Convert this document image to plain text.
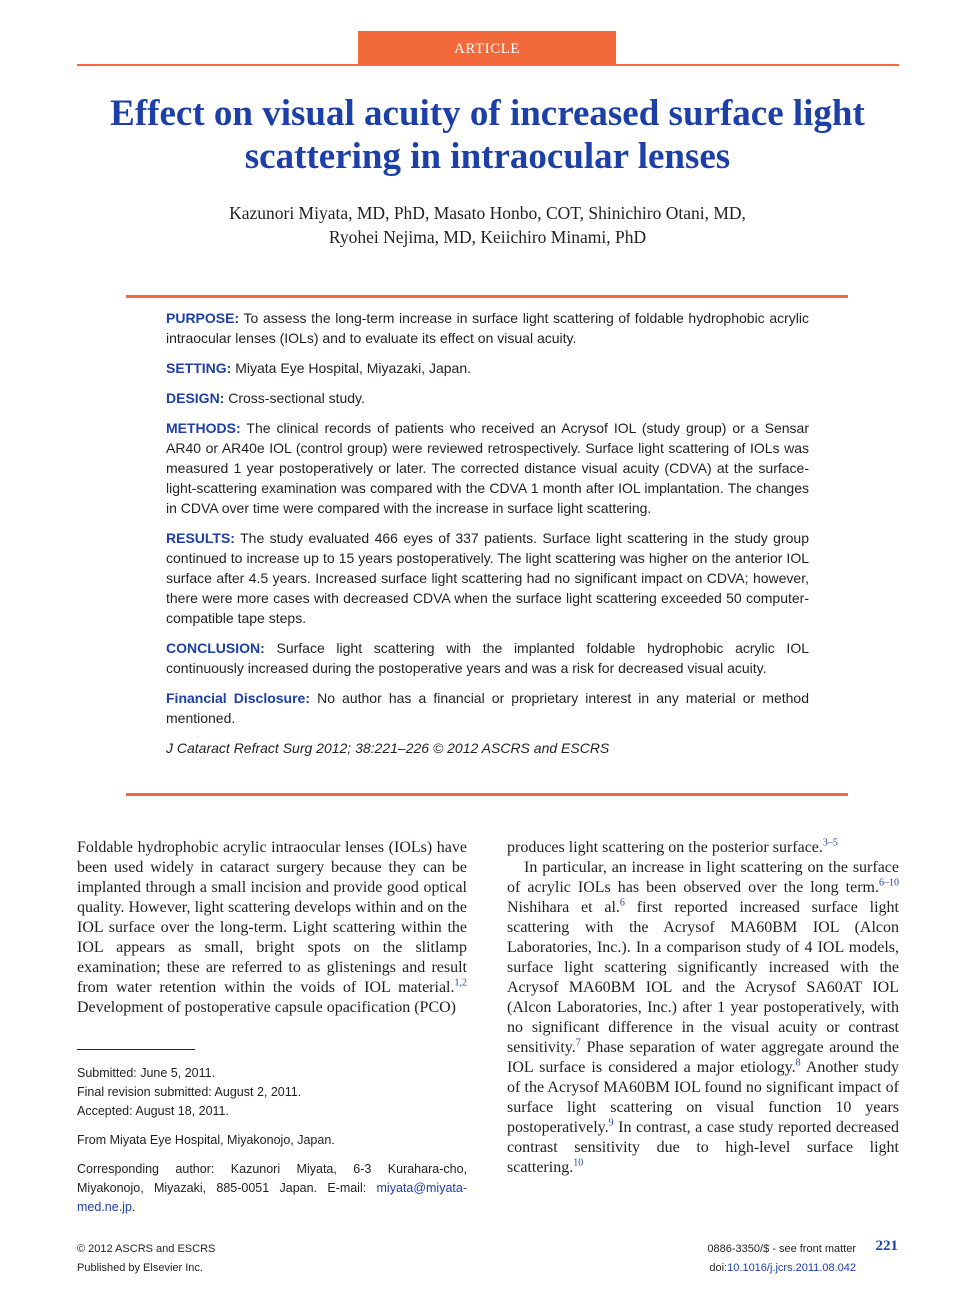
ARTICLE
Effect on visual acuity of increased surface light scattering in intraocular lenses
Kazunori Miyata, MD, PhD, Masato Honbo, COT, Shinichiro Otani, MD,
Ryohei Nejima, MD, Keiichiro Minami, PhD

PURPOSE: To assess the long-term increase in surface light scattering of foldable hydrophobic acrylic intraocular lenses (IOLs) and to evaluate its effect on visual acuity.

SETTING: Miyata Eye Hospital, Miyazaki, Japan.

DESIGN: Cross-sectional study.

METHODS: The clinical records of patients who received an Acrysof IOL (study group) or a Sensar AR40 or AR40e IOL (control group) were reviewed retrospectively. Surface light scattering of IOLs was measured 1 year postoperatively or later. The corrected distance visual acuity (CDVA) at the surface-light-scattering examination was compared with the CDVA 1 month after IOL implantation. The changes in CDVA over time were compared with the increase in surface light scattering.

RESULTS: The study evaluated 466 eyes of 337 patients. Surface light scattering in the study group continued to increase up to 15 years postoperatively. The light scattering was higher on the anterior IOL surface after 4.5 years. Increased surface light scattering had no significant impact on CDVA; however, there were more cases with decreased CDVA when the surface light scattering exceeded 50 computer-compatible tape steps.

CONCLUSION: Surface light scattering with the implanted foldable hydrophobic acrylic IOL continuously increased during the postoperative years and was a risk for decreased visual acuity.

Financial Disclosure: No author has a financial or proprietary interest in any material or method mentioned.

J Cataract Refract Surg 2012; 38:221–226 © 2012 ASCRS and ESCRS

Foldable hydrophobic acrylic intraocular lenses (IOLs) have been used widely in cataract surgery because they can be implanted through a small incision and provide good optical quality. However, light scattering develops within and on the IOL surface over the long-term. Light scattering within the IOL appears as small, bright spots on the slitlamp examination; these are referred to as glistenings and result from water retention within the voids of IOL material.$^{1,2}$ Development of postoperative capsule opacification (PCO)

produces light scattering on the posterior surface.$^{3-5}$

In particular, an increase in light scattering on the surface of acrylic IOLs has been observed over the long term.$^{6-10}$ Nishihara et al.$^6$ first reported increased surface light scattering with the Acrysof MA60BM IOL (Alcon Laboratories, Inc.). In a comparison study of 4 IOL models, surface light scattering significantly increased with the Acrysof MA60BM IOL and the Acrysof SA60AT IOL (Alcon Laboratories, Inc.) after 1 year postoperatively, with no significant difference in the visual acuity or contrast sensitivity.$^7$ Phase separation of water aggregate around the IOL surface is considered a major etiology.$^8$ Another study of the Acrysof MA60BM IOL found no significant impact of surface light scattering on visual function 10 years postoperatively.$^9$ In contrast, a case study reported decreased contrast sensitivity due to high-level surface light scattering.$^{10}$

Submitted: June 5, 2011.
Final revision submitted: August 2, 2011.
Accepted: August 18, 2011.
From Miyata Eye Hospital, Miyakonojo, Japan.
Corresponding author: Kazunori Miyata, 6-3 Kurahara-cho, Miyakonojo, Miyazaki, 885-0051 Japan. E-mail: miyata@miyata-med.ne.jp.
© 2012 ASCRS and ESCRS
Published by Elsevier Inc.
0886-3350/$ - see front matter
doi:10.1016/j.jcrs.2011.08.042
221
